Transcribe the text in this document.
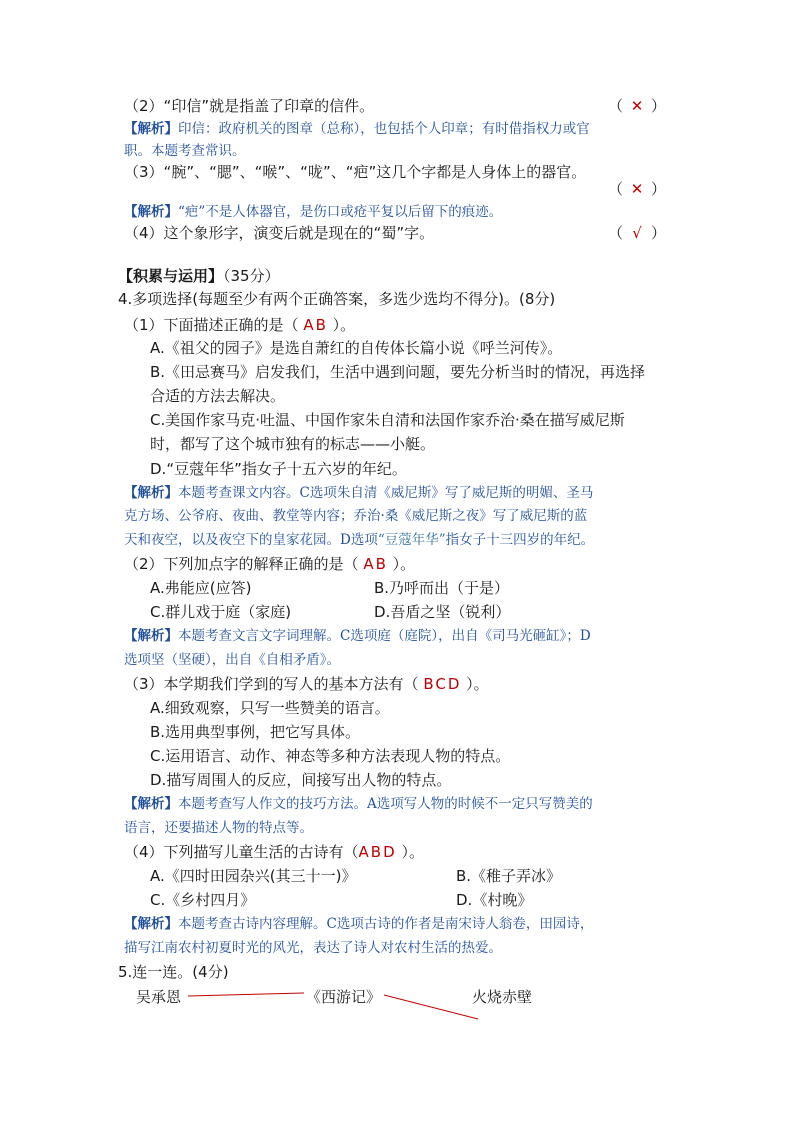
（2）“印信”就是指盖了印章的信件。	（ ✕ ）
【解析】印信：政府机关的图章（总称），也包括个人印章；有时借指权力或官
职。本题考查常识。
（3）“腕”、“腮”、“喉”、“咙”、“疤”这几个字都是人身体上的器官。
（ ✕ ）
【解析】“疤”不是人体器官，是伤口或疮平复以后留下的痕迹。
（4）这个象形字，演变后就是现在的“蜀”字。	（ √ ）
【积累与运用】（35分）
4.多项选择(每题至少有两个正确答案，多选少选均不得分)。(8分)
（1）下面描述正确的是（ AB ）。
A.《祖父的园子》是选自萧红的自传体长篇小说《呼兰河传》。
B.《田忌赛马》启发我们，生活中遇到问题，要先分析当时的情况，再选择
合适的方法去解决。
C.美国作家马克·吐温、中国作家朱自清和法国作家乔治·桑在描写威尼斯
时，都写了这个城市独有的标志——小艇。
D.“豆蔻年华”指女子十五六岁的年纪。
【解析】本题考查课文内容。C选项朱自清《威尼斯》写了威尼斯的明媚、圣马
克方场、公爷府、夜曲、教堂等内容；乔治·桑《威尼斯之夜》写了威尼斯的蓝
天和夜空，以及夜空下的皇家花园。D选项“豆蔻年华”指女子十三四岁的年纪。
（2）下列加点字的解释正确的是（ AB ）。
A.弗能应(应答)	B.乃呼而出（于是）
C.群儿戏于庭（家庭)	D.吾盾之坚（锐利）
【解析】本题考查文言文字词理解。C选项庭（庭院），出自《司马光砸缸》；D
选项坚（坚硬），出自《自相矛盾》。
（3）本学期我们学到的写人的基本方法有（ BCD ）。
A.细致观察，只写一些赞美的语言。
B.选用典型事例，把它写具体。
C.运用语言、动作、神态等多种方法表现人物的特点。
D.描写周围人的反应，间接写出人物的特点。
【解析】本题考查写人作文的技巧方法。A选项写人物的时候不一定只写赞美的
语言，还要描述人物的特点等。
（4）下列描写儿童生活的古诗有（ABD ）。
A.《四时田园杂兴(其三十一)》	B.《稚子弄冰》
C.《乡村四月》	D.《村晚》
【解析】本题考查古诗内容理解。C选项古诗的作者是南宋诗人翁卷，田园诗，
描写江南农村初夏时光的风光，表达了诗人对农村生活的热爱。
5.连一连。(4分)
吴承恩	《西游记》	火烧赤壁
